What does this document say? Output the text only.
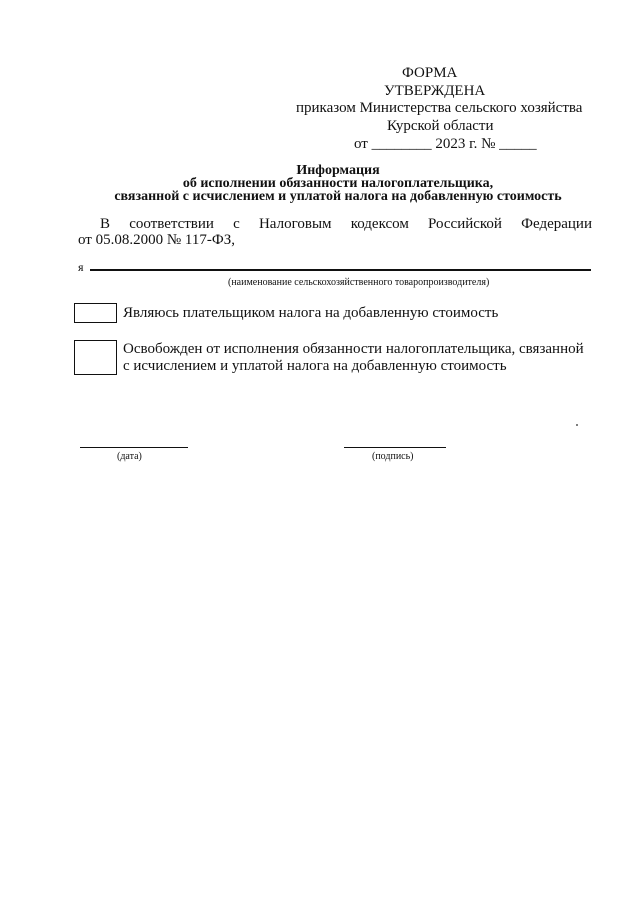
ФОРМА
УТВЕРЖДЕНА
приказом Министерства сельского хозяйства
Курской области
от ________ 2023 г. № _____
Информация
об исполнении обязанности налогоплательщика,
связанной с исчислением и уплатой налога на добавленную стоимость
В соответствии с Налоговым кодексом Российской Федерации
от 05.08.2000 № 117-ФЗ,
я
(наименование сельскохозяйственного товаропроизводителя)
Являюсь плательщиком налога на добавленную стоимость
Освобожден от исполнения обязанности налогоплательщика, связанной
с исчислением и уплатой налога на добавленную стоимость
(дата)	(подпись)
